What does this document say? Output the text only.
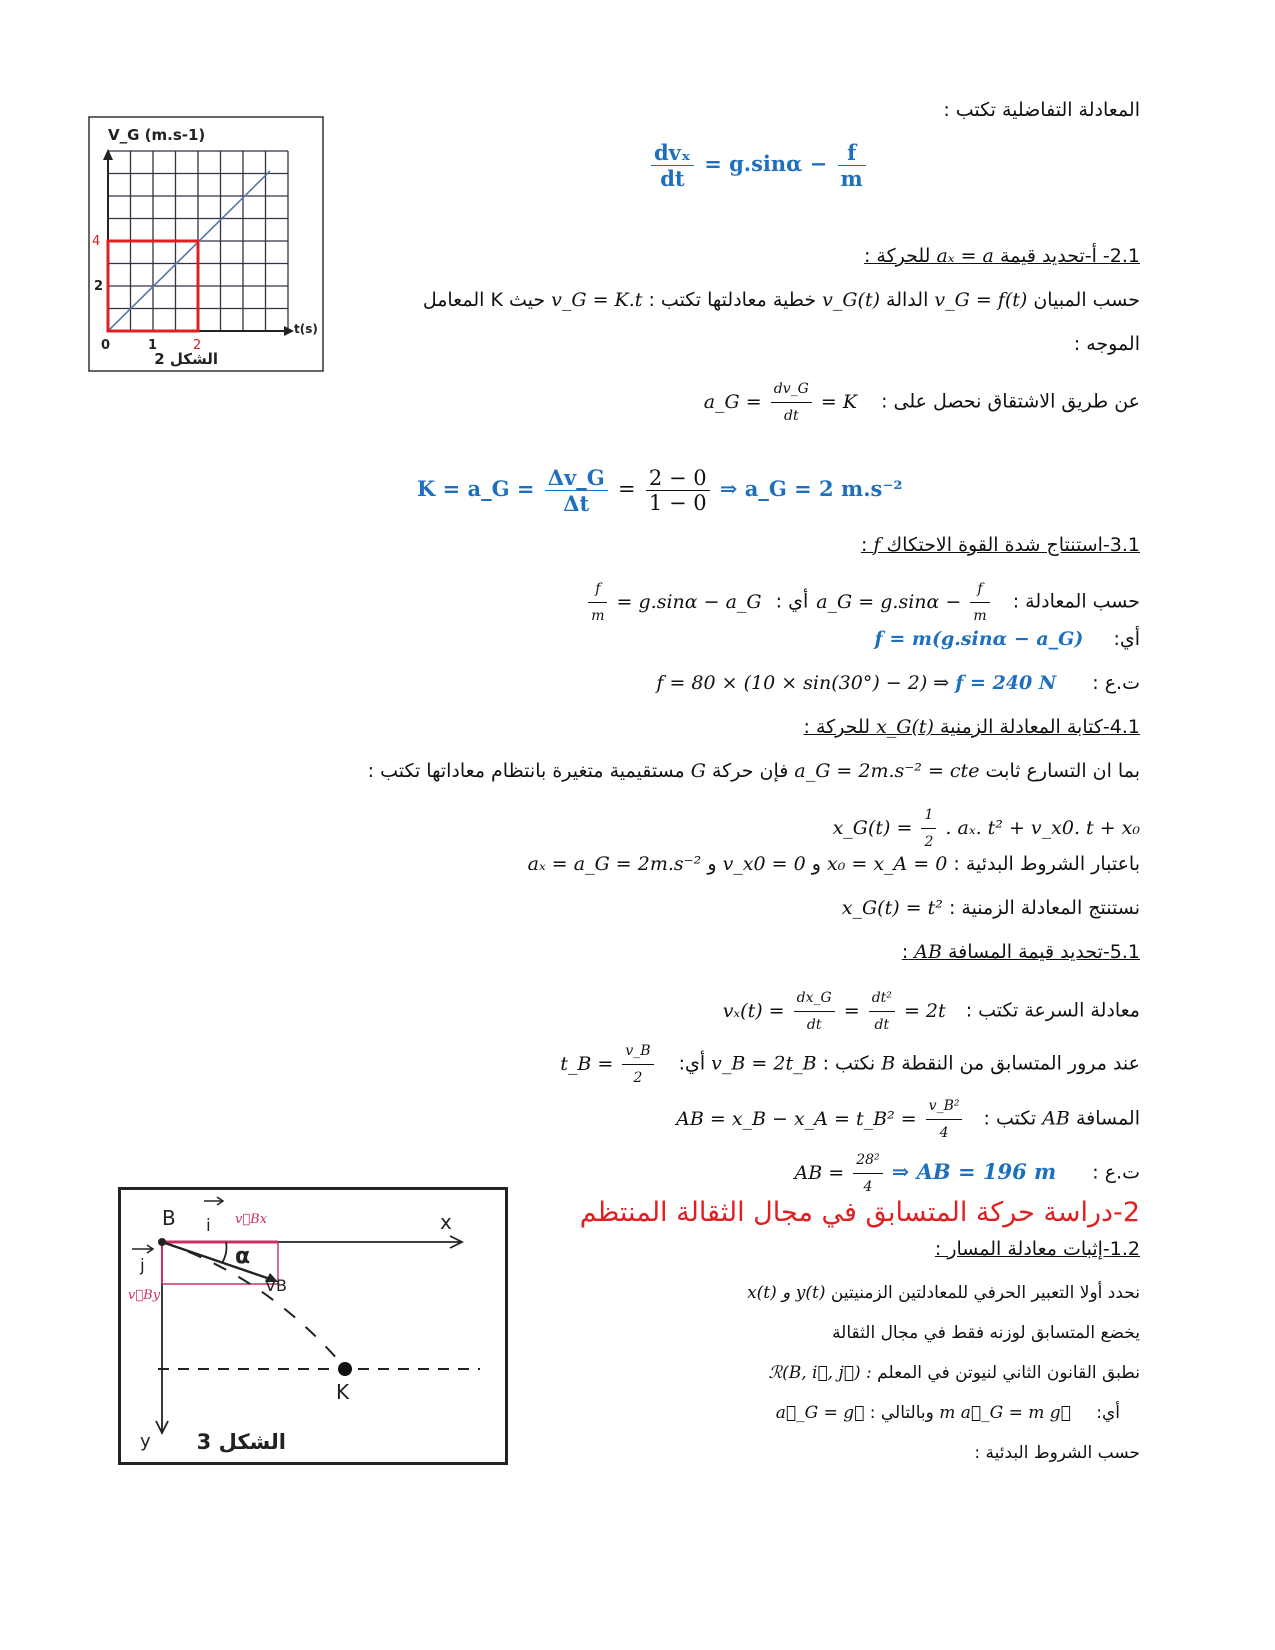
المعادلة التفاضلية تكتب :
$\frac{\text{dvₓ}}{dt} = g.\sin\alpha - \frac{f}{m}$
2.1- أ-تحديد قيمة aₓ = a للحركة :
حسب المبيان v_G = f(t) الدالة v_G(t) خطية معادلتها تكتب : v_G = K.t حيث K المعامل
الموجه :
عن طريق الاشتقاق نحصل على : a_G = $\frac{dv\_G}{dt} = K$
K = a_G = $\frac{\Delta v\_G}{\Delta t} = \frac{2 - 0}{1 - 0}$ ⇒ a_G = 2 m.s⁻²
3.1-استنتاج شدة القوة الاحتكاك f :
حسب المعادلة : a_G = $g.\sin\alpha - \frac{f}{m}$
أي :
$\frac{f}{m} = g.\sin\alpha$ − a_G
أي: f = m(g.sinα − a_G)
ت.ع : f = 80 × (10 × sin(30°) − 2) ⇒ f = 240 N
4.1-كتابة المعادلة الزمنية x_G(t) للحركة :
بما ان التسارع ثابت a_G = 2m.s⁻² = cte فإن حركة G مستقيمية متغيرة بانتظام معاداتها تكتب :
x_G(t) = $\frac{1}{2}$ . aₓ. t² + v_x0. t + x₀
باعتبار الشروط البدئية : x₀ = x_A = 0 و v_x0 = 0 و aₓ = a_G = 2m.s⁻²
نستنتج المعادلة الزمنية : x_G(t) = t²
5.1-تحديد قيمة المسافة AB :
معادلة السرعة تكتب : $v_x(t) = \frac{dx\_G}{dt} = \frac{\text{dt²}}{dt} = 2t$
عند مرور المتسابق من النقطة B نكتب : v_B = 2t_B أي: t_B = $\frac{v\_B}{2}$
المسافة AB تكتب : AB = x_B − x_A = t_B² = $\frac{\text{v\_B²}}{4}$
ت.ع : AB = $\frac{\text{28²}}{4}$ ⇒ AB = 196 m
2-دراسة حركة المتسابق في مجال الثقالة المنتظم
1.2-إثبات معادلة المسار :
نحدد أولا التعبير الحرفي للمعادلتين الزمنيتين x(t) و y(t)
يخضع المتسابق لوزنه فقط في مجال الثقالة
نطبق القانون الثاني لنيوتن في المعلم ℛ(B, i⃗, j⃗) :
أي: m a⃗_G = m g⃗ وبالتالي : a⃗_G = g⃗
حسب الشروط البدئية :
V_G (m.s-1)
t(s)
4
2
0	1	2
الشكل 2
B i v⃗Bx
j
v⃗By
x
y
α
VB
K
الشكل 3
